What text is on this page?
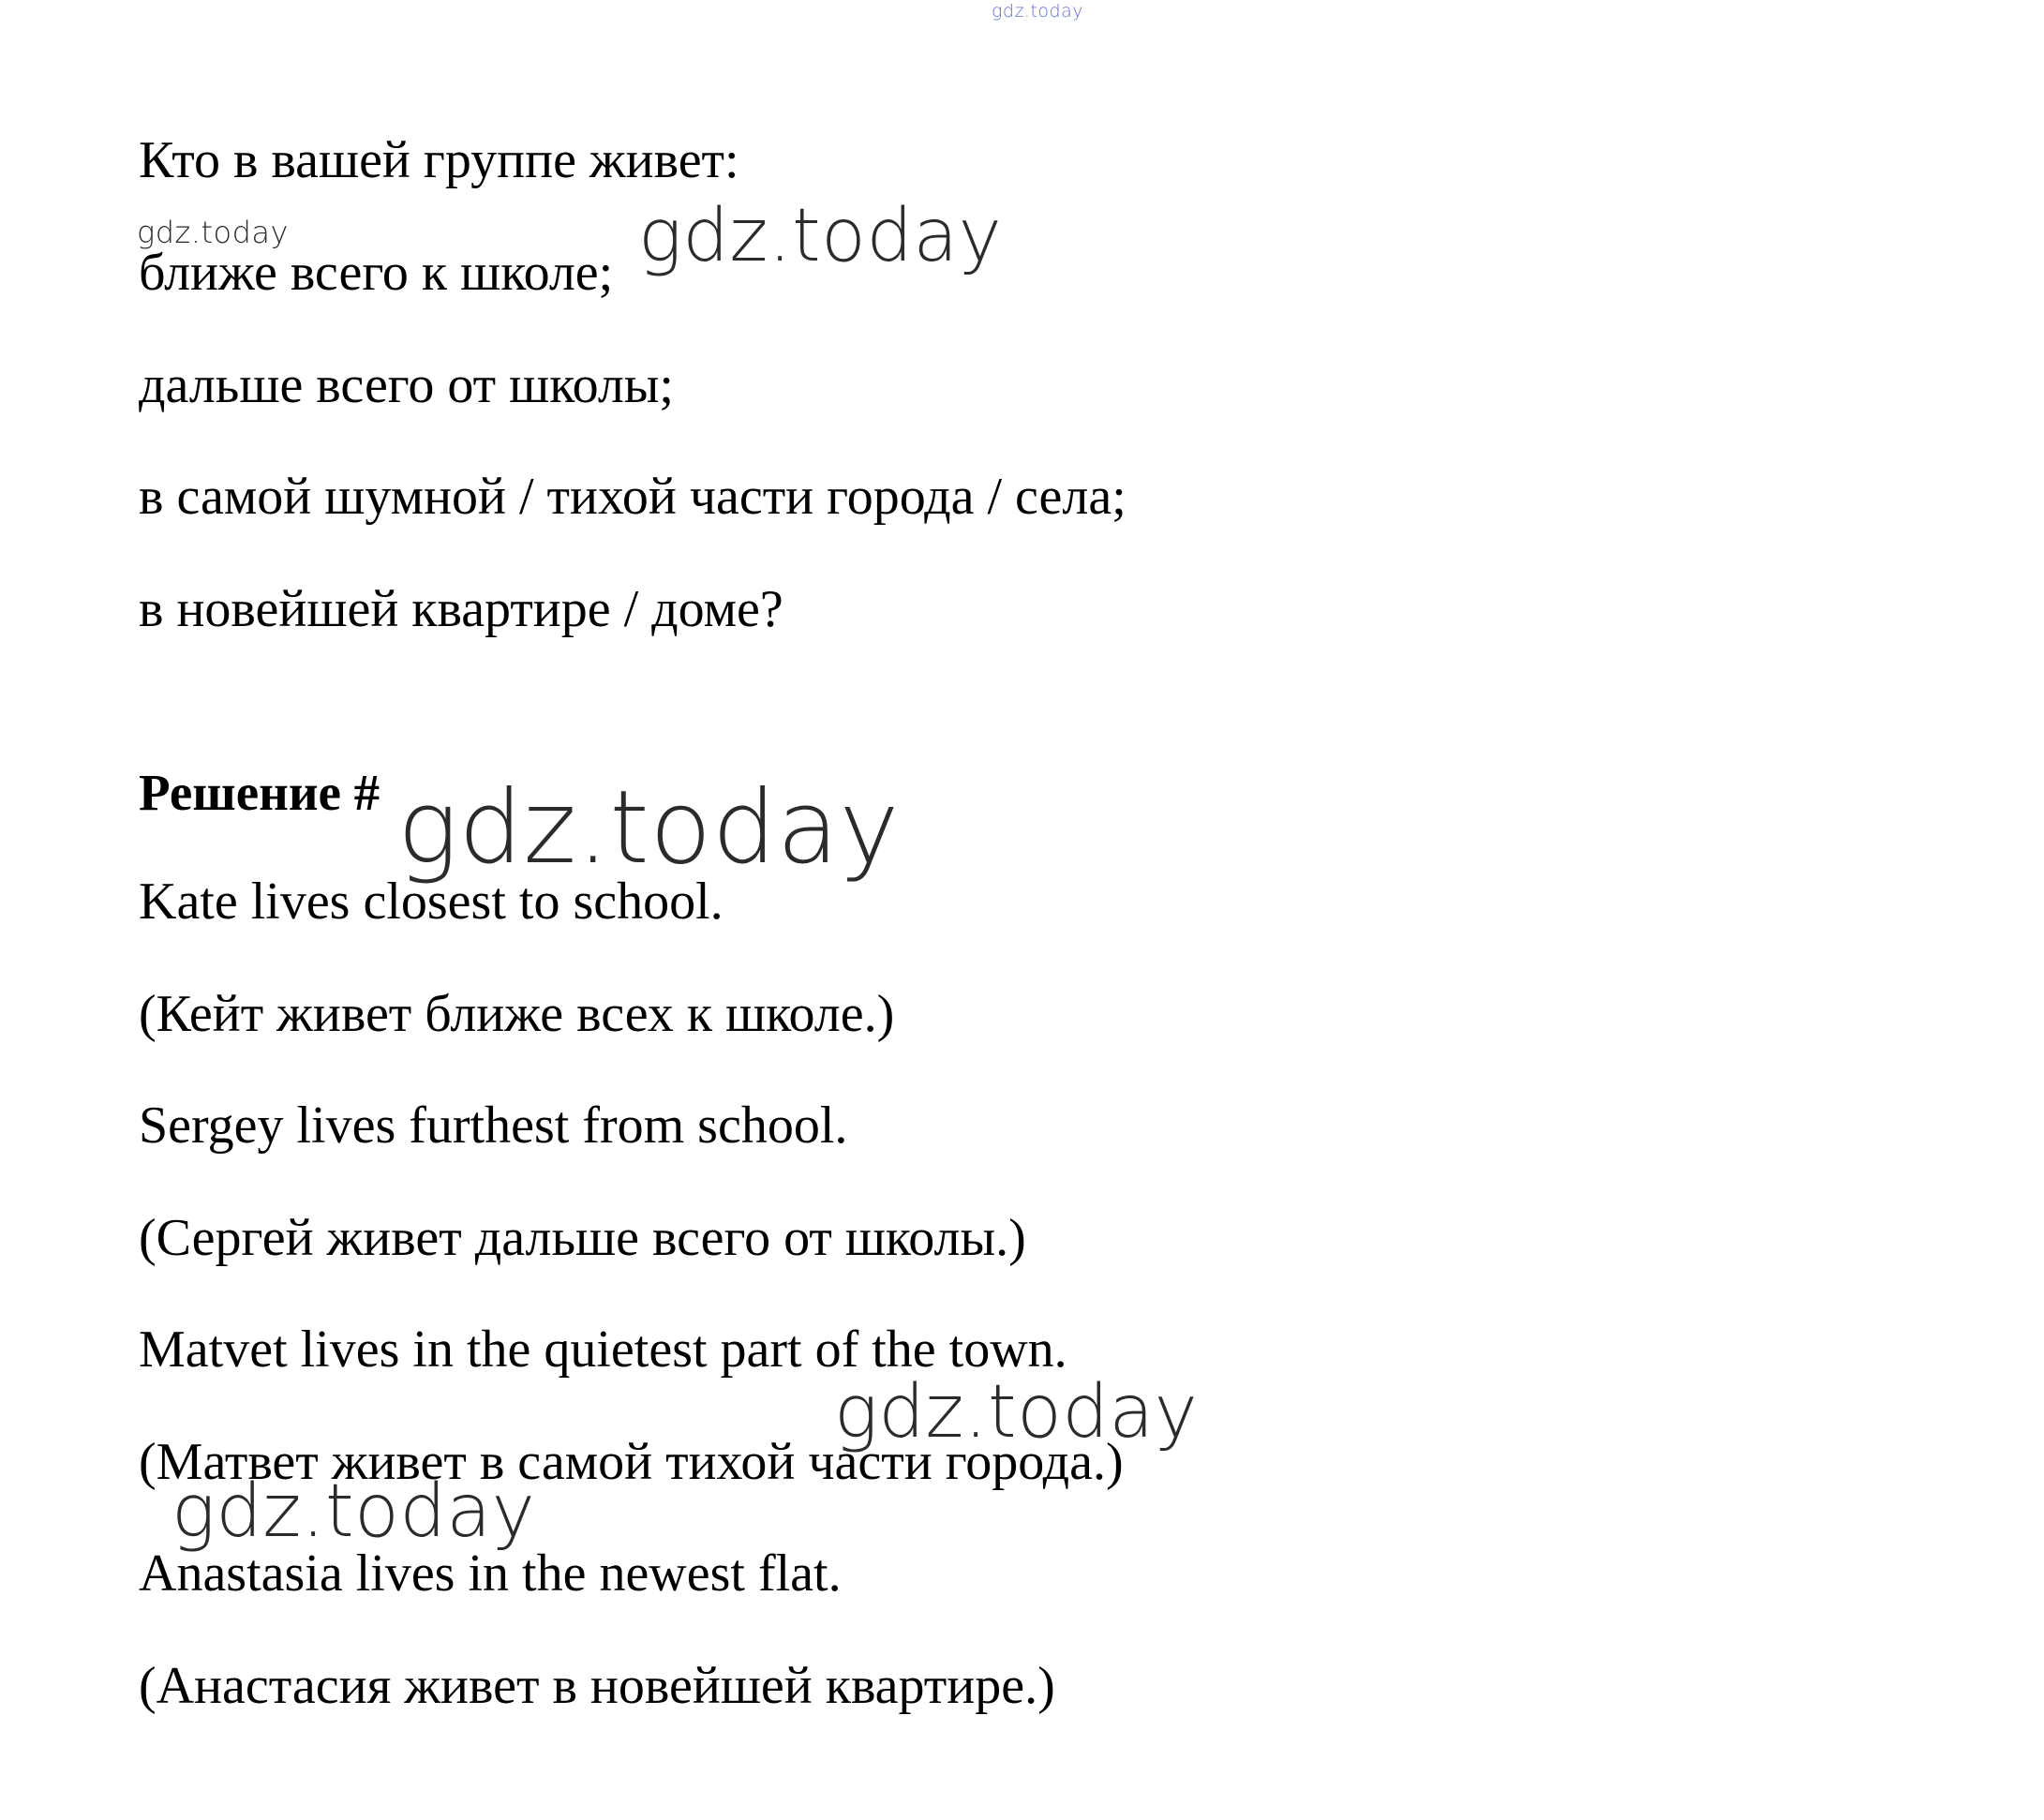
gdz.today
gdz.today

Кто в вашей группе живет:

ближе всего к школе;

дальше всего от школы;

в самой шумной / тихой части города / села;

в новейшей квартире / доме?

Решение #

Kate lives closest to school.

(Кейт живет ближе всех к школе.)

Sergey lives furthest from school.

(Сергей живет дальше всего от школы.)

Matvet lives in the quietest part of the town.

(Матвет живет в самой тихой части города.)

Anastasia lives in the newest flat.

(Анастасия живет в новейшей квартире.)

gdz.today
gdz.today
gdz.today
gdz.today
